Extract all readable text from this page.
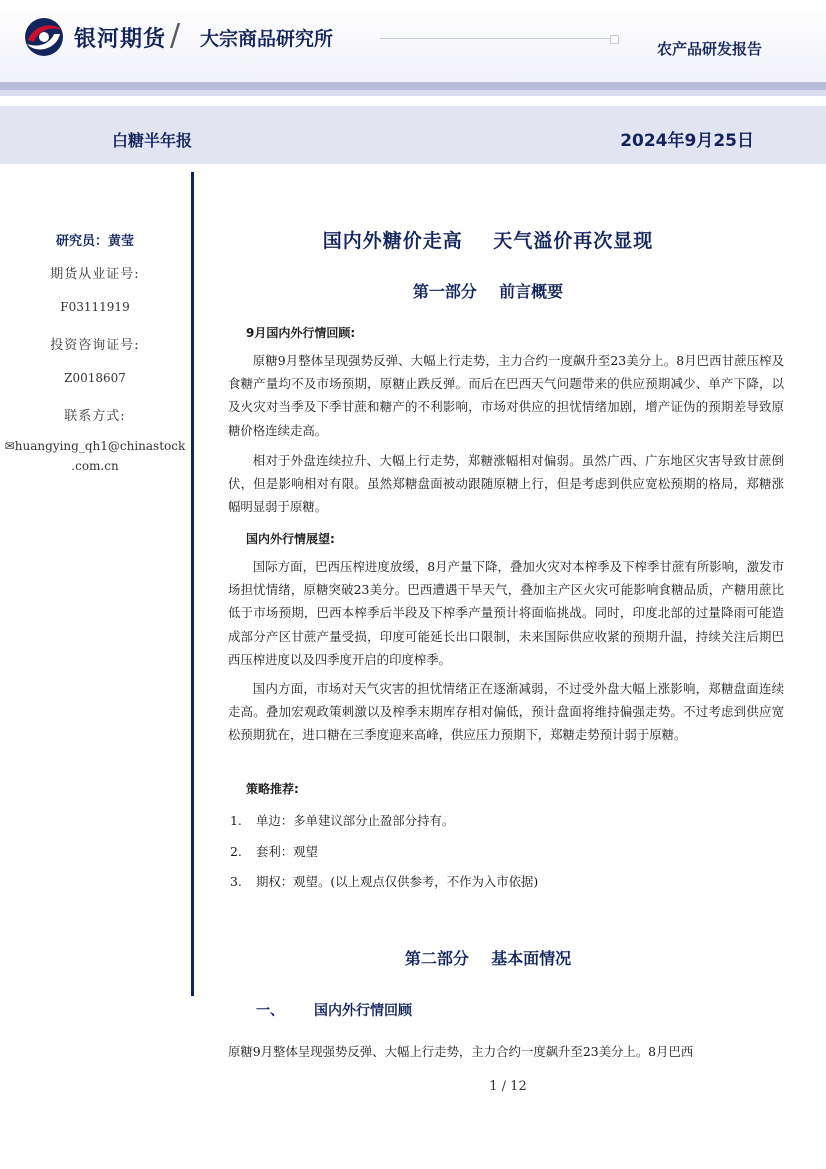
银河期货 / 大宗商品研究所	农产品研发报告
白糖半年报	2024年9月25日
研究员：黄莹
期货从业证号:
F03111919
投资咨询证号:
Z0018607
联系方式:
✉huangying_qh1@chinastock
.com.cn
国内外糖价走高    天气溢价再次显现
第一部分    前言概要
9月国内外行情回顾:

原糖9月整体呈现强势反弹、大幅上行走势，主力合约一度飙升至23美分上。8月巴西甘蔗压榨及食糖产量均不及市场预期，原糖止跌反弹。而后在巴西天气问题带来的供应预期减少、单产下降，以及火灾对当季及下季甘蔗和糖产的不利影响，市场对供应的担忧情绪加剧，增产证伪的预期差导致原糖价格连续走高。

相对于外盘连续拉升、大幅上行走势，郑糖涨幅相对偏弱。虽然广西、广东地区灾害导致甘蔗倒伏，但是影响相对有限。虽然郑糖盘面被动跟随原糖上行，但是考虑到供应宽松预期的格局，郑糖涨幅明显弱于原糖。

国内外行情展望:

国际方面，巴西压榨进度放缓，8月产量下降，叠加火灾对本榨季及下榨季甘蔗有所影响，激发市场担忧情绪，原糖突破23美分。巴西遭遇干旱天气，叠加主产区火灾可能影响食糖品质，产糖用蔗比低于市场预期，巴西本榨季后半段及下榨季产量预计将面临挑战。同时，印度北部的过量降雨可能造成部分产区甘蔗产量受损，印度可能延长出口限制，未来国际供应收紧的预期升温，持续关注后期巴西压榨进度以及四季度开启的印度榨季。

国内方面，市场对天气灾害的担忧情绪正在逐渐减弱，不过受外盘大幅上涨影响，郑糖盘面连续走高。叠加宏观政策刺激以及榨季末期库存相对偏低，预计盘面将维持偏强走势。不过考虑到供应宽松预期犹在，进口糖在三季度迎来高峰，供应压力预期下，郑糖走势预计弱于原糖。

策略推荐:
1. 单边：多单建议部分止盈部分持有。
2. 套利：观望
3. 期权：观望。(以上观点仅供参考，不作为入市依据)
第二部分    基本面情况
一、 国内外行情回顾
原糖9月整体呈现强势反弹、大幅上行走势，主力合约一度飙升至23美分上。8月巴西
1 / 12
